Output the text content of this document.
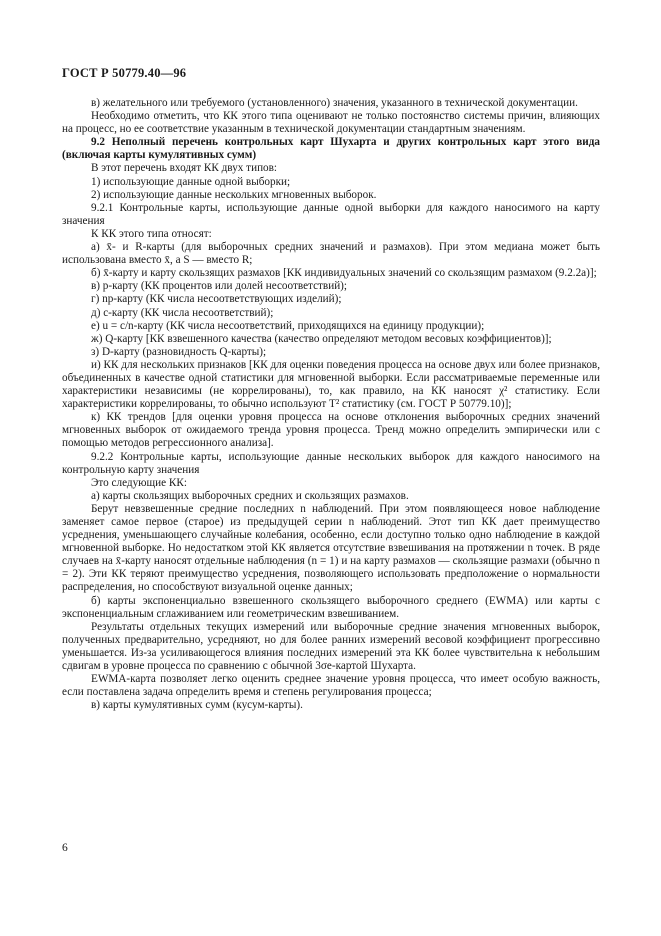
ГОСТ Р 50779.40—96

в) желательного или требуемого (установленного) значения, указанного в технической документации.

Необходимо отметить, что КК этого типа оценивают не только постоянство системы причин, влияющих на процесс, но ее соответствие указанным в технической документации стандартным значениям.

9.2 Неполный перечень контрольных карт Шухарта и других контрольных карт этого вида (включая карты кумулятивных сумм)

В этот перечень входят КК двух типов:

1) использующие данные одной выборки;

2) использующие данные нескольких мгновенных выборок.

9.2.1 Контрольные карты, использующие данные одной выборки для каждого наносимого на карту значения

К КК этого типа относят:

а) x̄- и R-карты (для выборочных средних значений и размахов). При этом медиана может быть использована вместо x̄, а S — вместо R;

б) x̄-карту и карту скользящих размахов [КК индивидуальных значений со скользящим размахом (9.2.2а)];

в) p-карту (КК процентов или долей несоответствий);

г) np-карту (КК числа несоответствующих изделий);

д) c-карту (КК числа несоответствий);

е) u = c/n-карту (КК числа несоответствий, приходящихся на единицу продукции);

ж) Q-карту [КК взвешенного качества (качество определяют методом весовых коэффициентов)];

з) D-карту (разновидность Q-карты);

и) КК для нескольких признаков [КК для оценки поведения процесса на основе двух или более признаков, объединенных в качестве одной статистики для мгновенной выборки. Если рассматриваемые переменные или характеристики независимы (не коррелированы), то, как правило, на КК наносят χ² статистику. Если характеристики коррелированы, то обычно используют T² статистику (см. ГОСТ Р 50779.10)];

к) КК трендов [для оценки уровня процесса на основе отклонения выборочных средних значений мгновенных выборок от ожидаемого тренда уровня процесса. Тренд можно определить эмпирически или с помощью методов регрессионного анализа].

9.2.2 Контрольные карты, использующие данные нескольких выборок для каждого наносимого на контрольную карту значения

Это следующие КК:

а) карты скользящих выборочных средних и скользящих размахов.

Берут невзвешенные средние последних n наблюдений. При этом появляющееся новое наблюдение заменяет самое первое (старое) из предыдущей серии n наблюдений. Этот тип КК дает преимущество усреднения, уменьшающего случайные колебания, особенно, если доступно только одно наблюдение в каждой мгновенной выборке. Но недостатком этой КК является отсутствие взвешивания на протяжении n точек. В ряде случаев на x̄-карту наносят отдельные наблюдения (n = 1) и на карту размахов — скользящие размахи (обычно n = 2). Эти КК теряют преимущество усреднения, позволяющего использовать предположение о нормальности распределения, но способствуют визуальной оценке данных;

б) карты экспоненциально взвешенного скользящего выборочного среднего (EWMA) или карты с экспоненциальным сглаживанием или геометрическим взвешиванием.

Результаты отдельных текущих измерений или выборочные средние значения мгновенных выборок, полученных предварительно, усредняют, но для более ранних измерений весовой коэффициент прогрессивно уменьшается. Из-за усиливающегося влияния последних измерений эта КК более чувствительна к небольшим сдвигам в уровне процесса по сравнению с обычной 3σe-картой Шухарта.

EWMA-карта позволяет легко оценить среднее значение уровня процесса, что имеет особую важность, если поставлена задача определить время и степень регулирования процесса;

в) карты кумулятивных сумм (кусум-карты).

6
